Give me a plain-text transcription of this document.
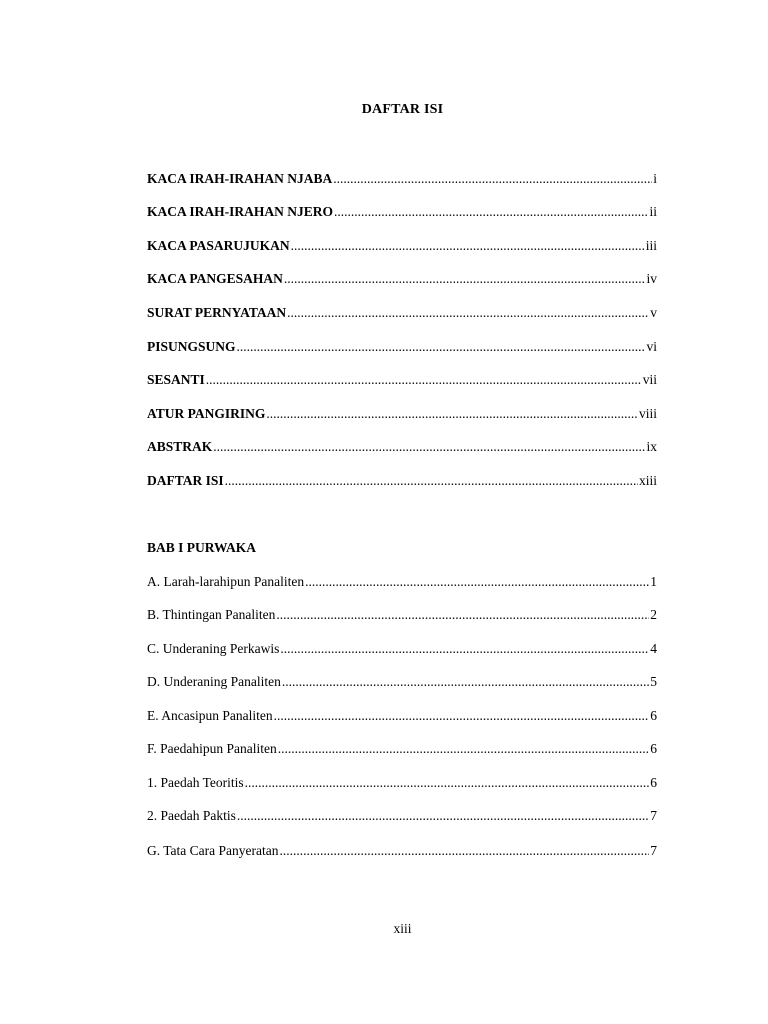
DAFTAR ISI
KACA IRAH-IRAHAN NJABA .....	i
KACA IRAH-IRAHAN NJERO .....	ii
KACA PASARUJUKAN .....	iii
KACA PANGESAHAN .....	iv
SURAT PERNYATAAN .....	v
PISUNGSUNG .....	vi
SESANTI .....	vii
ATUR PANGIRING .....	viii
ABSTRAK .....	ix
DAFTAR ISI .....	xiii
BAB I PURWAKA
A. Larah-larahipun Panaliten .....	1
B. Thintingan Panaliten .....	2
C. Underaning Perkawis .....	4
D. Underaning Panaliten .....	5
E. Ancasipun Panaliten .....	6
F. Paedahipun Panaliten .....	6
1. Paedah Teoritis .....	6
2. Paedah Paktis .....	7
G. Tata Cara Panyeratan .....	7
xiii
